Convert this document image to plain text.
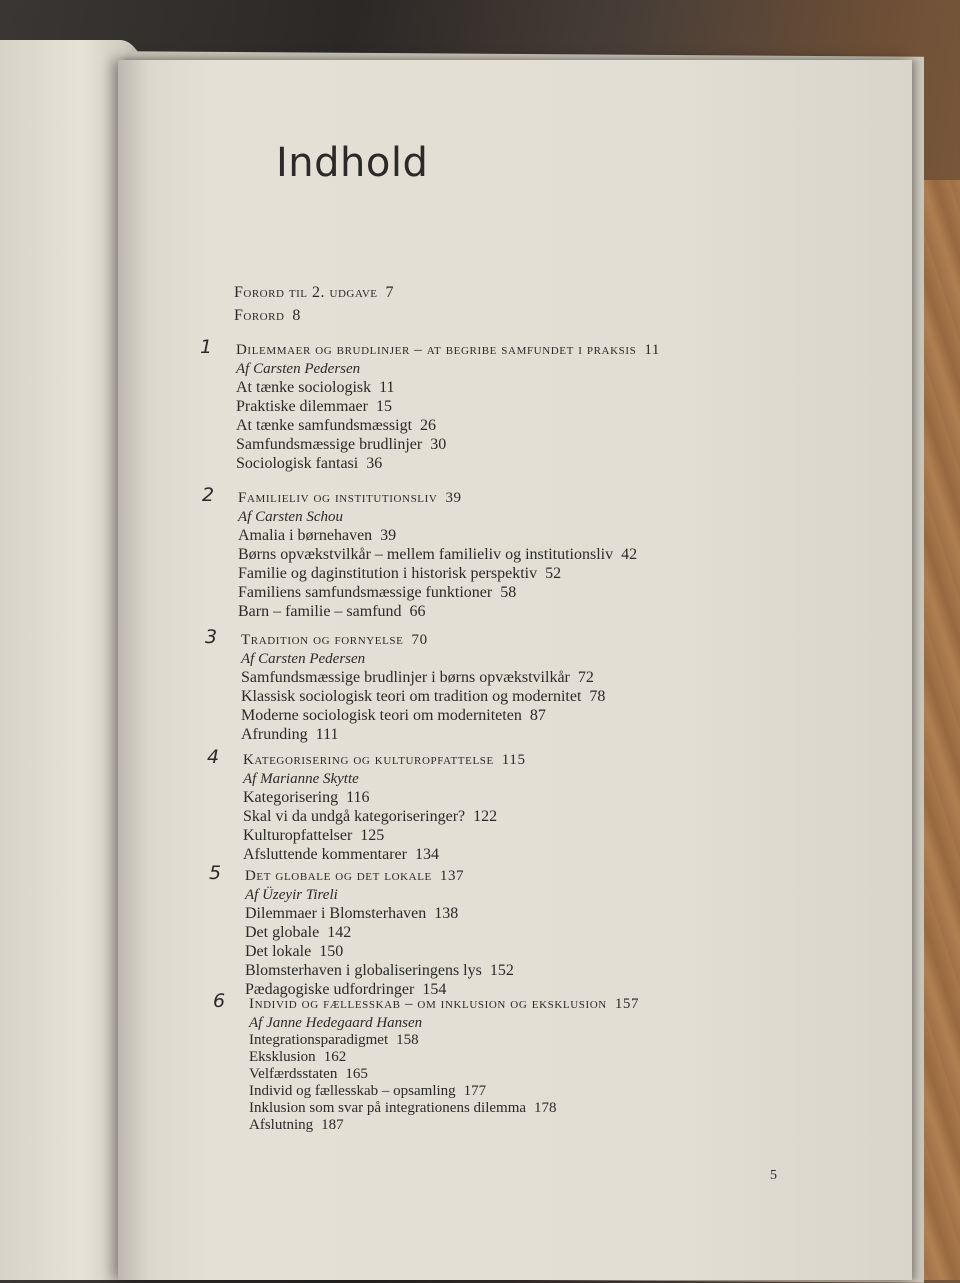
Indhold
Forord til 2. udgave 7
Forord 8
1 Dilemmaer og brudlinjer – at begribe samfundet i praksis 11
Af Carsten Pedersen
At tænke sociologisk 11
Praktiske dilemmaer 15
At tænke samfundsmæssigt 26
Samfundsmæssige brudlinjer 30
Sociologisk fantasi 36
2 Familieliv og institutionsliv 39
Af Carsten Schou
Amalia i børnehaven 39
Børns opvækstvilkår – mellem familieliv og institutionsliv 42
Familie og daginstitution i historisk perspektiv 52
Familiens samfundsmæssige funktioner 58
Barn – familie – samfund 66
3 Tradition og fornyelse 70
Af Carsten Pedersen
Samfundsmæssige brudlinjer i børns opvækstvilkår 72
Klassisk sociologisk teori om tradition og modernitet 78
Moderne sociologisk teori om moderniteten 87
Afrunding 111
4 Kategorisering og kulturopfattelse 115
Af Marianne Skytte
Kategorisering 116
Skal vi da undgå kategoriseringer? 122
Kulturopfattelser 125
Afsluttende kommentarer 134
5 Det globale og det lokale 137
Af Üzeyir Tireli
Dilemmaer i Blomsterhaven 138
Det globale 142
Det lokale 150
Blomsterhaven i globaliseringens lys 152
Pædagogiske udfordringer 154
6 Individ og fællesskab – om inklusion og eksklusion 157
Af Janne Hedegaard Hansen
Integrationsparadigmet 158
Eksklusion 162
Velfærdsstaten 165
Individ og fællesskab – opsamling 177
Inklusion som svar på integrationens dilemma 178
Afslutning 187
5
